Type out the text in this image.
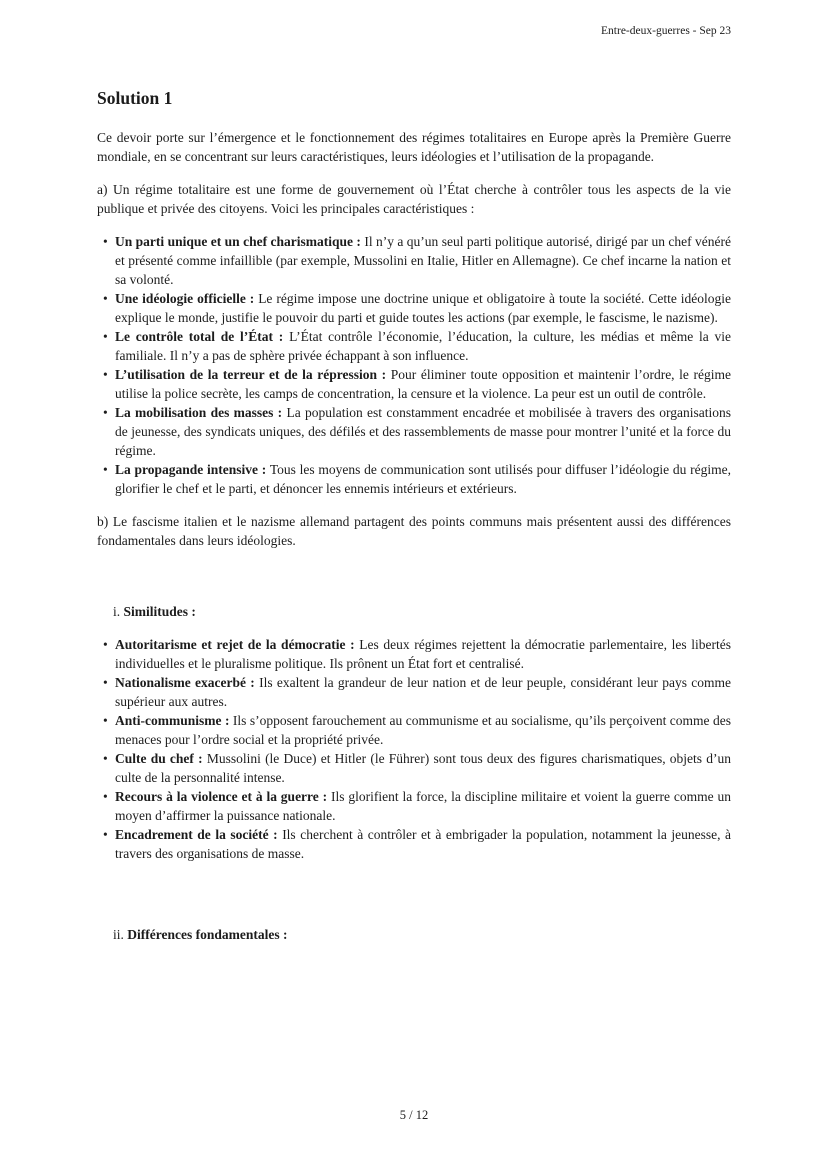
Entre-deux-guerres - Sep 23
Solution 1

Ce devoir porte sur l’émergence et le fonctionnement des régimes totalitaires en Europe après la Première Guerre mondiale, en se concentrant sur leurs caractéristiques, leurs idéologies et l’utilisation de la propagande.

a) Un régime totalitaire est une forme de gouvernement où l’État cherche à contrôler tous les aspects de la vie publique et privée des citoyens. Voici les principales caractéristiques :

• Un parti unique et un chef charismatique : Il n’y a qu’un seul parti politique autorisé, dirigé par un chef vénéré et présenté comme infaillible (par exemple, Mussolini en Italie, Hitler en Allemagne). Ce chef incarne la nation et sa volonté.
• Une idéologie officielle : Le régime impose une doctrine unique et obligatoire à toute la société. Cette idéologie explique le monde, justifie le pouvoir du parti et guide toutes les actions (par exemple, le fascisme, le nazisme).
• Le contrôle total de l’État : L’État contrôle l’économie, l’éducation, la culture, les médias et même la vie familiale. Il n’y a pas de sphère privée échappant à son influence.
• L’utilisation de la terreur et de la répression : Pour éliminer toute opposition et maintenir l’ordre, le régime utilise la police secrète, les camps de concentration, la censure et la violence. La peur est un outil de contrôle.
• La mobilisation des masses : La population est constamment encadrée et mobilisée à travers des organisations de jeunesse, des syndicats uniques, des défilés et des rassemblements de masse pour montrer l’unité et la force du régime.
• La propagande intensive : Tous les moyens de communication sont utilisés pour diffuser l’idéologie du régime, glorifier le chef et le parti, et dénoncer les ennemis intérieurs et extérieurs.

b) Le fascisme italien et le nazisme allemand partagent des points communs mais présentent aussi des différences fondamentales dans leurs idéologies.

i. Similitudes :
• Autoritarisme et rejet de la démocratie : Les deux régimes rejettent la démocratie parlementaire, les libertés individuelles et le pluralisme politique. Ils prônent un État fort et centralisé.
• Nationalisme exacerbé : Ils exaltent la grandeur de leur nation et de leur peuple, considérant leur pays comme supérieur aux autres.
• Anti-communisme : Ils s’opposent farouchement au communisme et au socialisme, qu’ils perçoivent comme des menaces pour l’ordre social et la propriété privée.
• Culte du chef : Mussolini (le Duce) et Hitler (le Führer) sont tous deux des figures charismatiques, objets d’un culte de la personnalité intense.
• Recours à la violence et à la guerre : Ils glorifient la force, la discipline militaire et voient la guerre comme un moyen d’affirmer la puissance nationale.
• Encadrement de la société : Ils cherchent à contrôler et à embrigader la population, notamment la jeunesse, à travers des organisations de masse.
ii. Différences fondamentales :
5 / 12
